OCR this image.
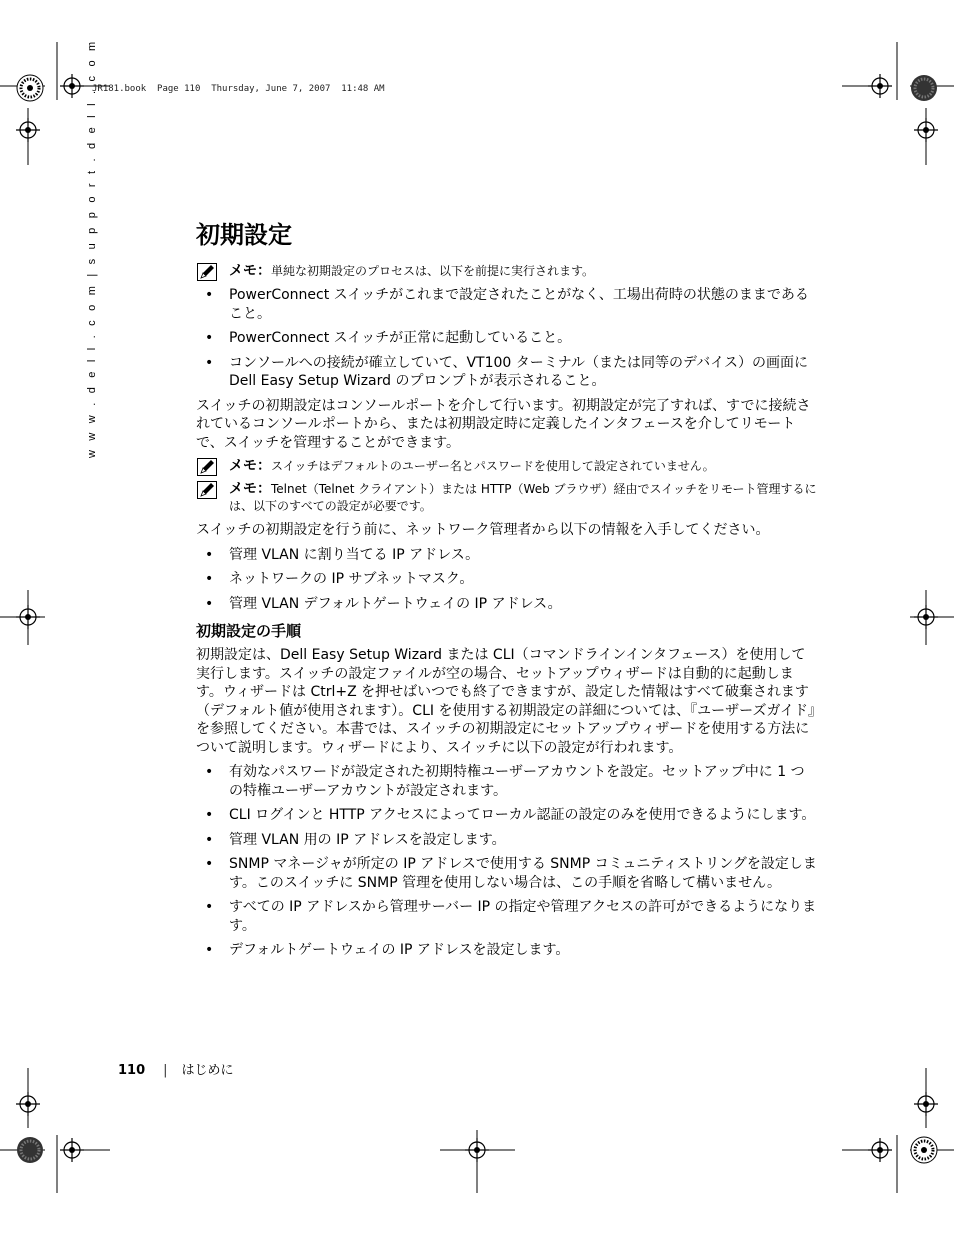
JR181.book  Page 110  Thursday, June 7, 2007  11:48 AM
w w w . d e l l . c o m | s u p p o r t . d e l l . c o m	初期設定
メモ：単純な初期設定のプロセスは、以下を前提に実行されます。
• PowerConnect スイッチがこれまで設定されたことがなく、工場出荷時の状態のままであること。
• PowerConnect スイッチが正常に起動していること。
• コンソールへの接続が確立していて、VT100 ターミナル（または同等のデバイス）の画面に Dell Easy Setup Wizard のプロンプトが表示されること。

スイッチの初期設定はコンソールポートを介して行います。初期設定が完了すれば、すでに接続されているコンソールポートから、または初期設定時に定義したインタフェースを介してリモートで、スイッチを管理することができます。

メモ：スイッチはデフォルトのユーザー名とパスワードを使用して設定されていません。
メモ：Telnet（Telnet クライアント）または HTTP（Web ブラウザ）経由でスイッチをリモート管理するには、以下のすべての設定が必要です。

スイッチの初期設定を行う前に、ネットワーク管理者から以下の情報を入手してください。

• 管理 VLAN に割り当てる IP アドレス。
• ネットワークの IP サブネットマスク。
• 管理 VLAN デフォルトゲートウェイの IP アドレス。
初期設定の手順

初期設定は、Dell Easy Setup Wizard または CLI（コマンドラインインタフェース）を使用して実行します。スイッチの設定ファイルが空の場合、セットアップウィザードは自動的に起動します。ウィザードは Ctrl+Z を押せばいつでも終了できますが、設定した情報はすべて破棄されます（デフォルト値が使用されます）。CLI を使用する初期設定の詳細については、『ユーザーズガイド』を参照してください。本書では、スイッチの初期設定にセットアップウィザードを使用する方法について説明します。ウィザードにより、スイッチに以下の設定が行われます。

• 有効なパスワードが設定された初期特権ユーザーアカウントを設定。セットアップ中に 1 つの特権ユーザーアカウントが設定されます。
• CLI ログインと HTTP アクセスによってローカル認証の設定のみを使用できるようにします。
• 管理 VLAN 用の IP アドレスを設定します。
• SNMP マネージャが所定の IP アドレスで使用する SNMP コミュニティストリングを設定します。このスイッチに SNMP 管理を使用しない場合は、この手順を省略して構いません。
• すべての IP アドレスから管理サーバー IP の指定や管理アクセスの許可ができるようになります。
• デフォルトゲートウェイの IP アドレスを設定します。
110 | はじめに
